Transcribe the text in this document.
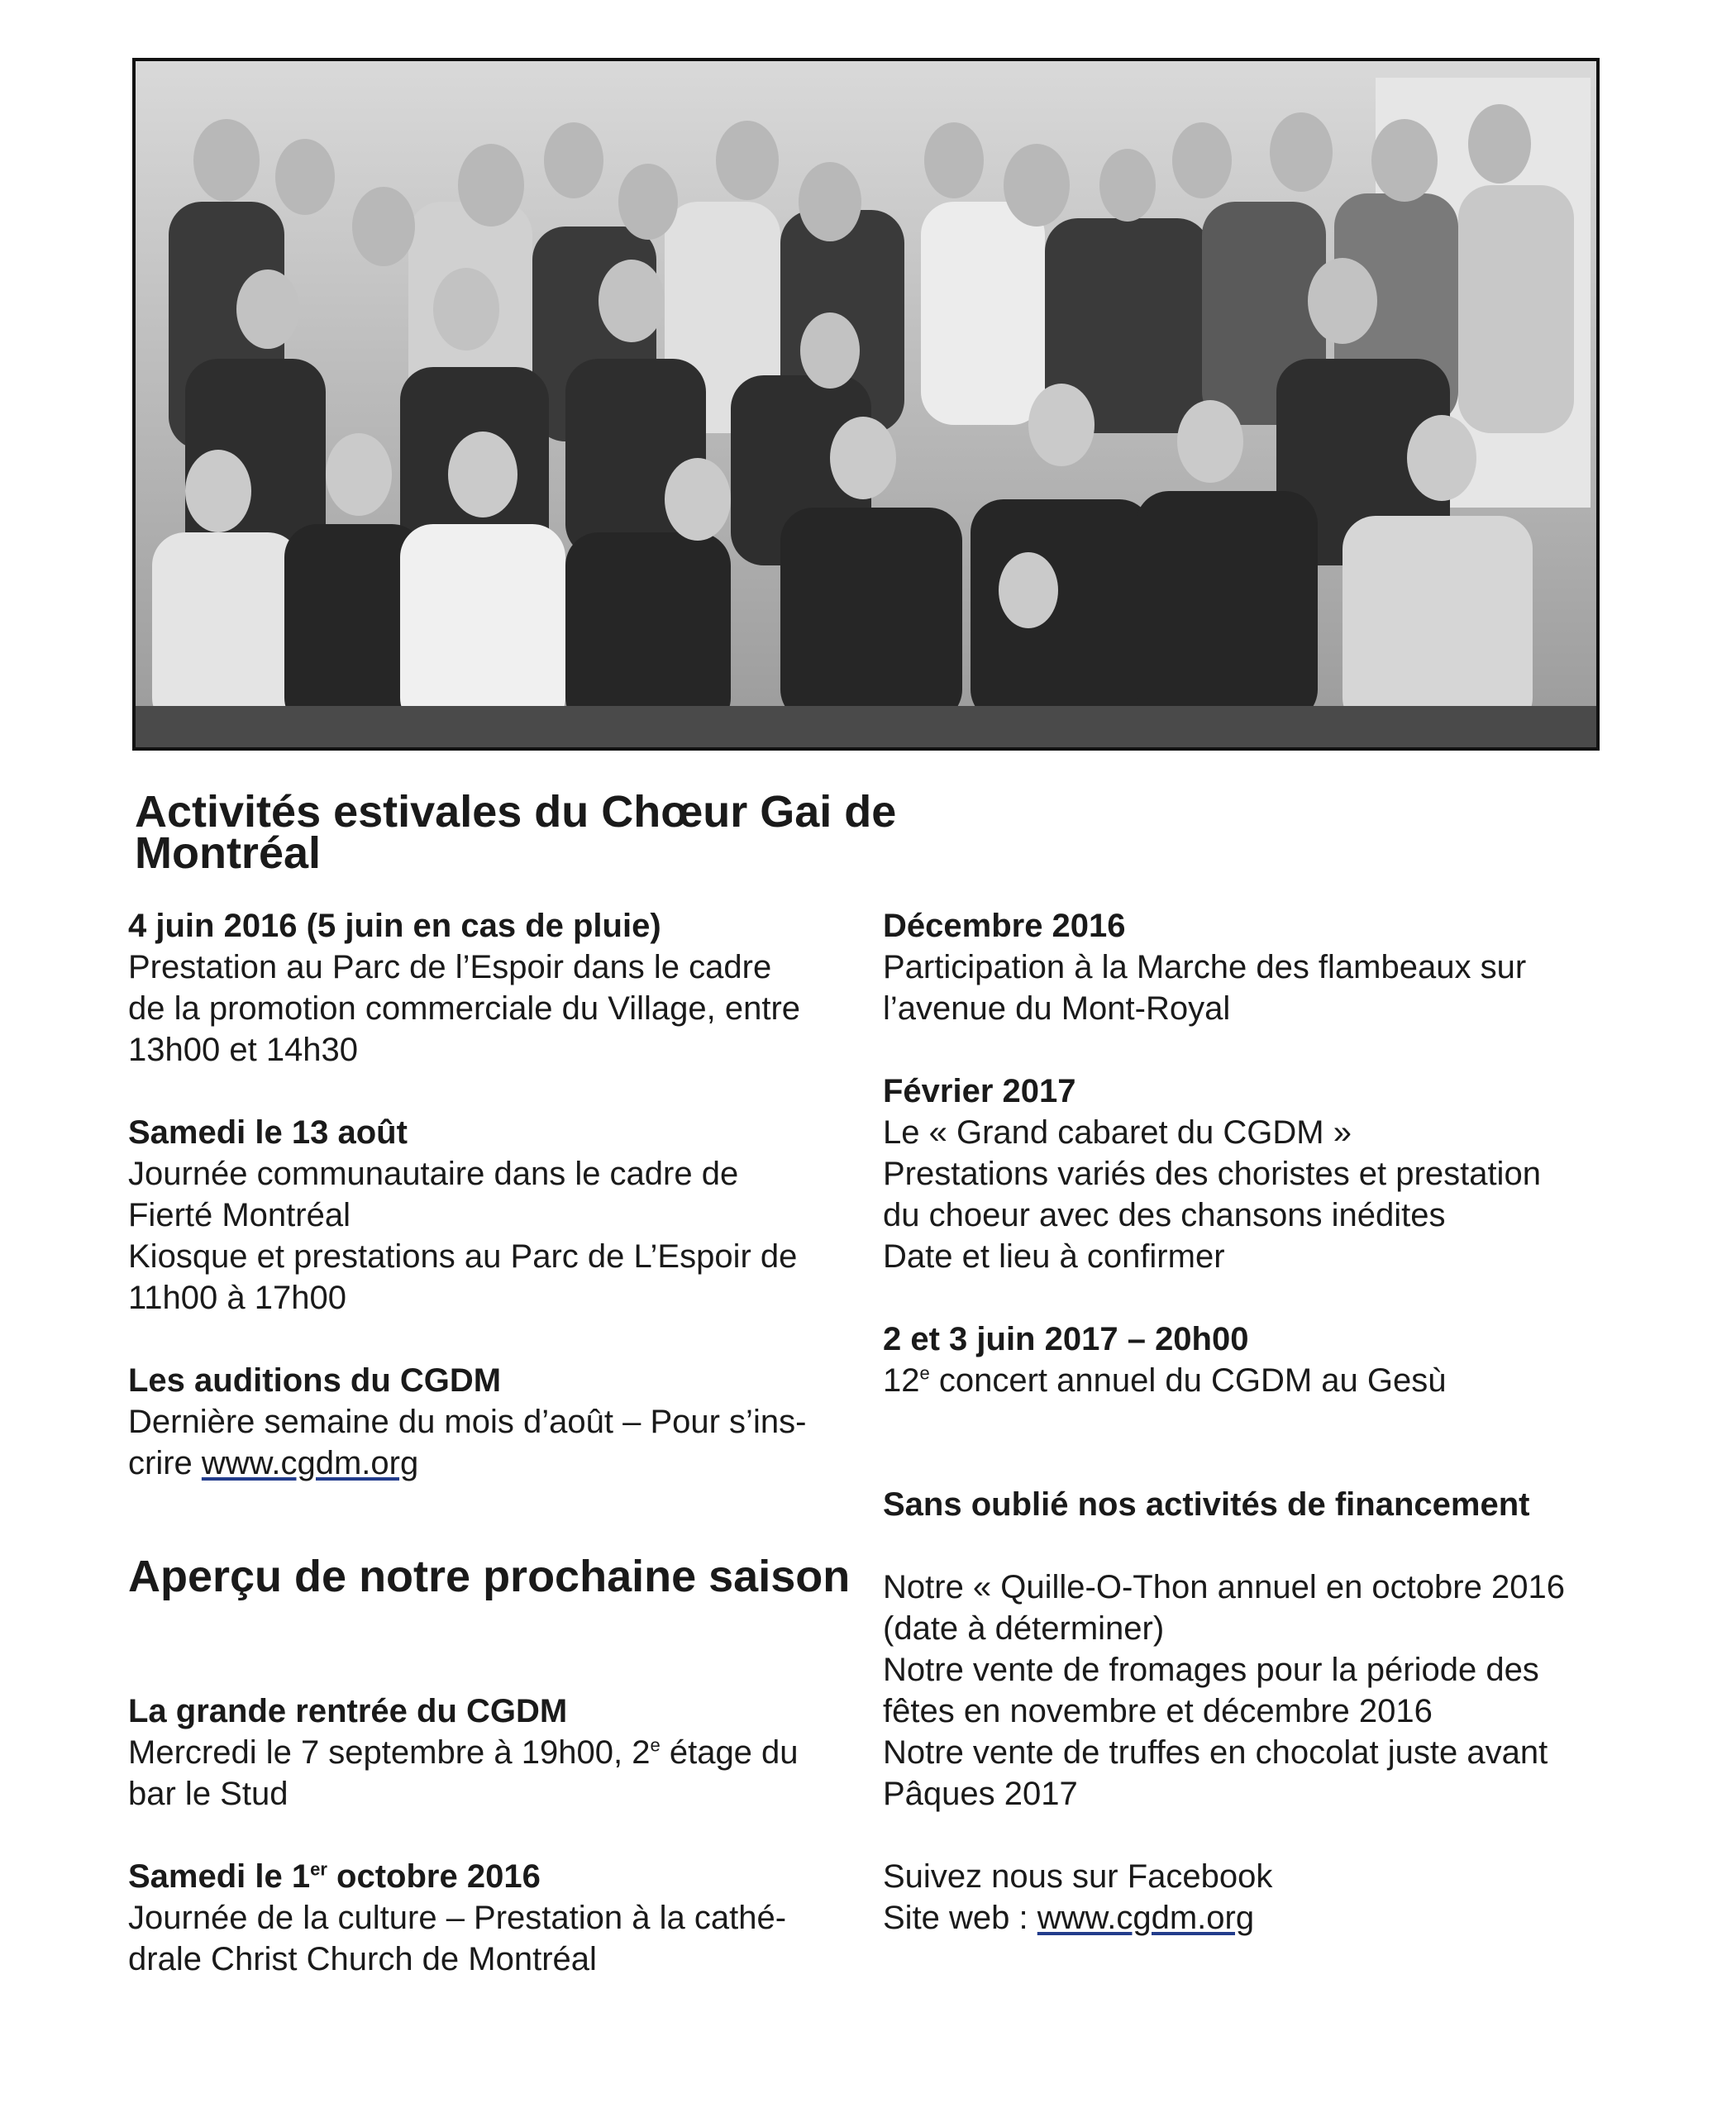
Activités estivales du Chœur Gai de Montréal
4 juin 2016 (5 juin en cas de pluie)
Prestation au Parc de l’Espoir dans le cadre
de la promotion commerciale du Village, entre
13h00 et 14h30
Samedi le 13 août
Journée communautaire dans le cadre de
Fierté Montréal
Kiosque et prestations au Parc de L’Espoir de
11h00 à 17h00
Les auditions du CGDM
Dernière semaine du mois d’août – Pour s’ins-
crire www.cgdm.org
Aperçu de notre prochaine saison
La grande rentrée du CGDM
Mercredi le 7 septembre à 19h00, 2e étage du
bar le Stud
Samedi le 1er octobre 2016
Journée de la culture – Prestation à la cathé-
drale Christ Church de Montréal
Décembre 2016
Participation à la Marche des flambeaux sur
l’avenue du Mont-Royal
Février 2017
Le « Grand cabaret du CGDM »
Prestations variés des choristes et prestation
du choeur avec des chansons inédites
Date et lieu à confirmer
2 et 3 juin 2017 – 20h00
12e concert annuel du CGDM au Gesù
Sans oublié nos activités de financement
Notre « Quille-O-Thon annuel en octobre 2016
(date à déterminer)
Notre vente de fromages pour la période des
fêtes en novembre et décembre 2016
Notre vente de truffes en chocolat juste avant
Pâques 2017
Suivez nous sur Facebook
Site web : www.cgdm.org
